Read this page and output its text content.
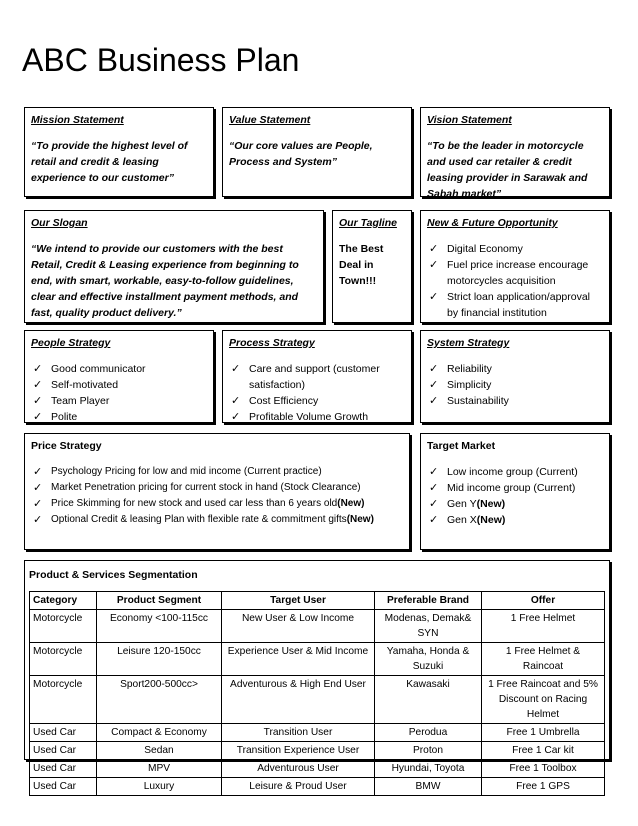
ABC Business Plan
Mission Statement
“To provide the highest level of retail and credit & leasing experience to our customer”
Value Statement
“Our core values are People, Process and System”
Vision Statement
“To be the leader in motorcycle and used car retailer & credit leasing provider in Sarawak and Sabah market”
Our Slogan
“We intend to provide our customers with the best Retail, Credit & Leasing experience from beginning to end, with smart, workable, easy-to-follow guidelines, clear and effective installment payment methods, and fast, quality product delivery.”
Our Tagline
The Best Deal in Town!!!
New & Future Opportunity
✓ Digital Economy
✓ Fuel price increase encourage motorcycles acquisition
✓ Strict loan application/approval by financial institution
People Strategy
✓ Good communicator
✓ Self-motivated
✓ Team Player
✓ Polite
Process Strategy
✓ Care and support (customer satisfaction)
✓ Cost Efficiency
✓ Profitable Volume Growth
System Strategy
✓ Reliability
✓ Simplicity
✓ Sustainability
Price Strategy
✓ Psychology Pricing for low and mid income (Current practice)
✓ Market Penetration pricing for current stock in hand (Stock Clearance)
✓ Price Skimming for new stock and used car less than 6 years old(New)
✓ Optional Credit & leasing Plan with flexible rate & commitment gifts(New)
Target Market
✓ Low income group (Current)
✓ Mid income group (Current)
✓ Gen Y(New)
✓ Gen X(New)
Product & Services Segmentation
Category	Product Segment	Target User	Preferable Brand	Offer
Motorcycle	Economy <100-115cc	New User & Low Income	Modenas, Demak& SYN	1 Free Helmet
Motorcycle	Leisure 120-150cc	Experience User & Mid Income	Yamaha, Honda & Suzuki	1 Free Helmet & Raincoat
Motorcycle	Sport200-500cc>	Adventurous & High End User	Kawasaki	1 Free Raincoat and 5% Discount on Racing Helmet
Used Car	Compact & Economy	Transition User	Perodua	Free 1 Umbrella
Used Car	Sedan	Transition Experience User	Proton	Free 1 Car kit
Used Car	MPV	Adventurous User	Hyundai, Toyota	Free 1 Toolbox
Used Car	Luxury	Leisure & Proud User	BMW	Free 1 GPS
